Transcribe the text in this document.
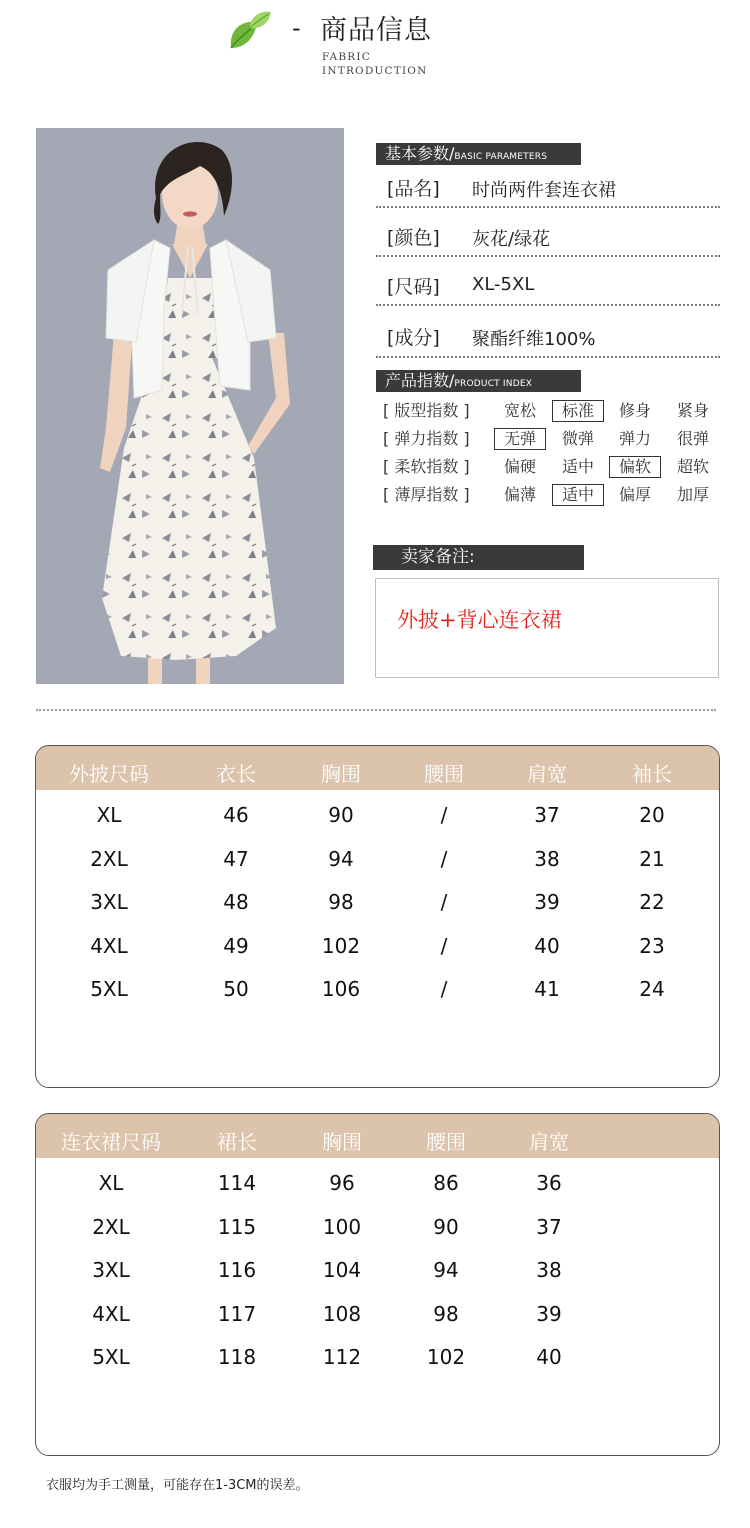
- 商品信息
FABRIC
INTRODUCTION
基本参数/BASIC PARAMETERS
[品名] 时尚两件套连衣裙
[颜色] 灰花/绿花
[尺码] XL-5XL
[成分] 聚酯纤维100%
产品指数/PRODUCT INDEX
[ 版型指数 ]	宽松	标准	修身	紧身
[ 弹力指数 ]	无弹	微弹	弹力	很弹
[ 柔软指数 ]	偏硬	适中	偏软	超软
[ 薄厚指数 ]	偏薄	适中	偏厚	加厚
卖家备注:
外披+背心连衣裙
外披尺码	衣长	胸围	腰围	肩宽	袖长
XL	46	90	/	37	20
2XL	47	94	/	38	21
3XL	48	98	/	39	22
4XL	49	102	/	40	23
5XL	50	106	/	41	24
连衣裙尺码	裙长	胸围	腰围	肩宽
XL	114	96	86	36
2XL	115	100	90	37
3XL	116	104	94	38
4XL	117	108	98	39
5XL	118	112	102	40
衣服均为手工测量，可能存在1-3CM的误差。
